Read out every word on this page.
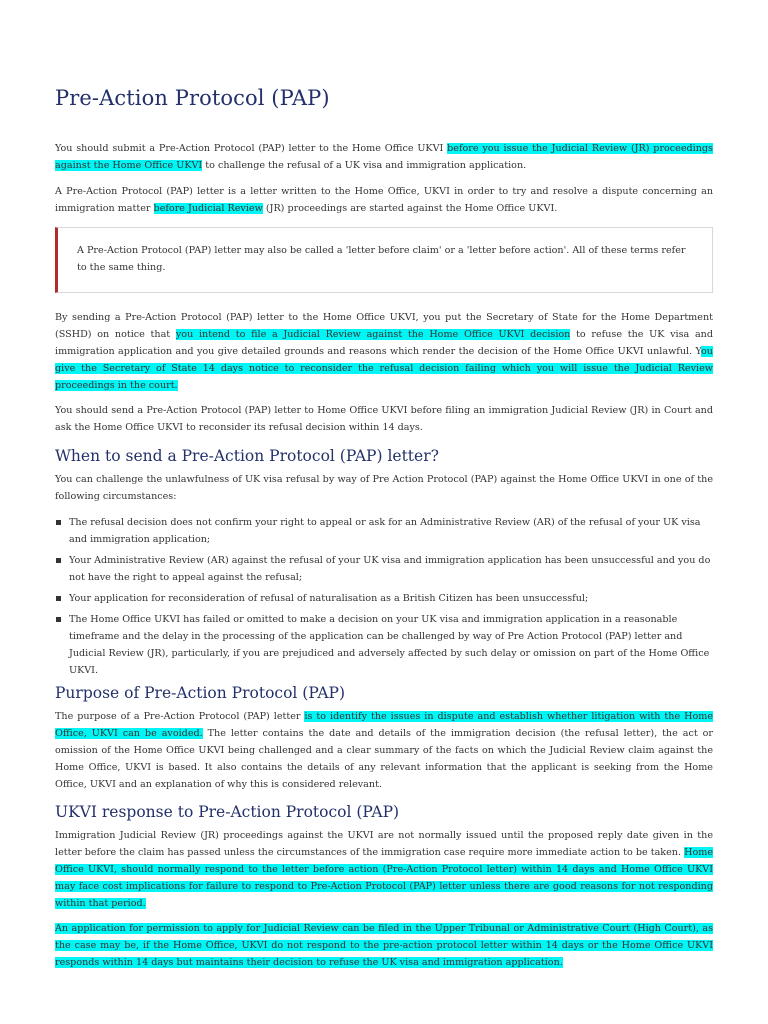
Pre-Action Protocol (PAP)

You should submit a Pre-Action Protocol (PAP) letter to the Home Office UKVI before you issue the Judicial Review (JR) proceedings against the Home Office UKVI to challenge the refusal of a UK visa and immigration application.

A Pre-Action Protocol (PAP) letter is a letter written to the Home Office, UKVI in order to try and resolve a dispute concerning an immigration matter before Judicial Review (JR) proceedings are started against the Home Office UKVI.

A Pre-Action Protocol (PAP) letter may also be called a 'letter before claim' or a 'letter before action'. All of these terms refer to the same thing.

By sending a Pre-Action Protocol (PAP) letter to the Home Office UKVI, you put the Secretary of State for the Home Department (SSHD) on notice that you intend to file a Judicial Review against the Home Office UKVI decision to refuse the UK visa and immigration application and you give detailed grounds and reasons which render the decision of the Home Office UKVI unlawful. You give the Secretary of State 14 days notice to reconsider the refusal decision failing which you will issue the Judicial Review proceedings in the court.

You should send a Pre-Action Protocol (PAP) letter to Home Office UKVI before filing an immigration Judicial Review (JR) in Court and ask the Home Office UKVI to reconsider its refusal decision within 14 days.

When to send a Pre-Action Protocol (PAP) letter?

You can challenge the unlawfulness of UK visa refusal by way of Pre Action Protocol (PAP) against the Home Office UKVI in one of the following circumstances:

The refusal decision does not confirm your right to appeal or ask for an Administrative Review (AR) of the refusal of your UK visa and immigration application;
Your Administrative Review (AR) against the refusal of your UK visa and immigration application has been unsuccessful and you do not have the right to appeal against the refusal;
Your application for reconsideration of refusal of naturalisation as a British Citizen has been unsuccessful;
The Home Office UKVI has failed or omitted to make a decision on your UK visa and immigration application in a reasonable timeframe and the delay in the processing of the application can be challenged by way of Pre Action Protocol (PAP) letter and Judicial Review (JR), particularly, if you are prejudiced and adversely affected by such delay or omission on part of the Home Office UKVI.
Purpose of Pre-Action Protocol (PAP)

The purpose of a Pre-Action Protocol (PAP) letter is to identify the issues in dispute and establish whether litigation with the Home Office, UKVI can be avoided. The letter contains the date and details of the immigration decision (the refusal letter), the act or omission of the Home Office UKVI being challenged and a clear summary of the facts on which the Judicial Review claim against the Home Office, UKVI is based. It also contains the details of any relevant information that the applicant is seeking from the Home Office, UKVI and an explanation of why this is considered relevant.

UKVI response to Pre-Action Protocol (PAP)

Immigration Judicial Review (JR) proceedings against the UKVI are not normally issued until the proposed reply date given in the letter before the claim has passed unless the circumstances of the immigration case require more immediate action to be taken. Home Office UKVI, should normally respond to the letter before action (Pre-Action Protocol letter) within 14 days and Home Office UKVI may face cost implications for failure to respond to Pre-Action Protocol (PAP) letter unless there are good reasons for not responding within that period.

An application for permission to apply for Judicial Review can be filed in the Upper Tribunal or Administrative Court (High Court), as the case may be, if the Home Office, UKVI do not respond to the pre-action protocol letter within 14 days or the Home Office UKVI responds within 14 days but maintains their decision to refuse the UK visa and immigration application.
